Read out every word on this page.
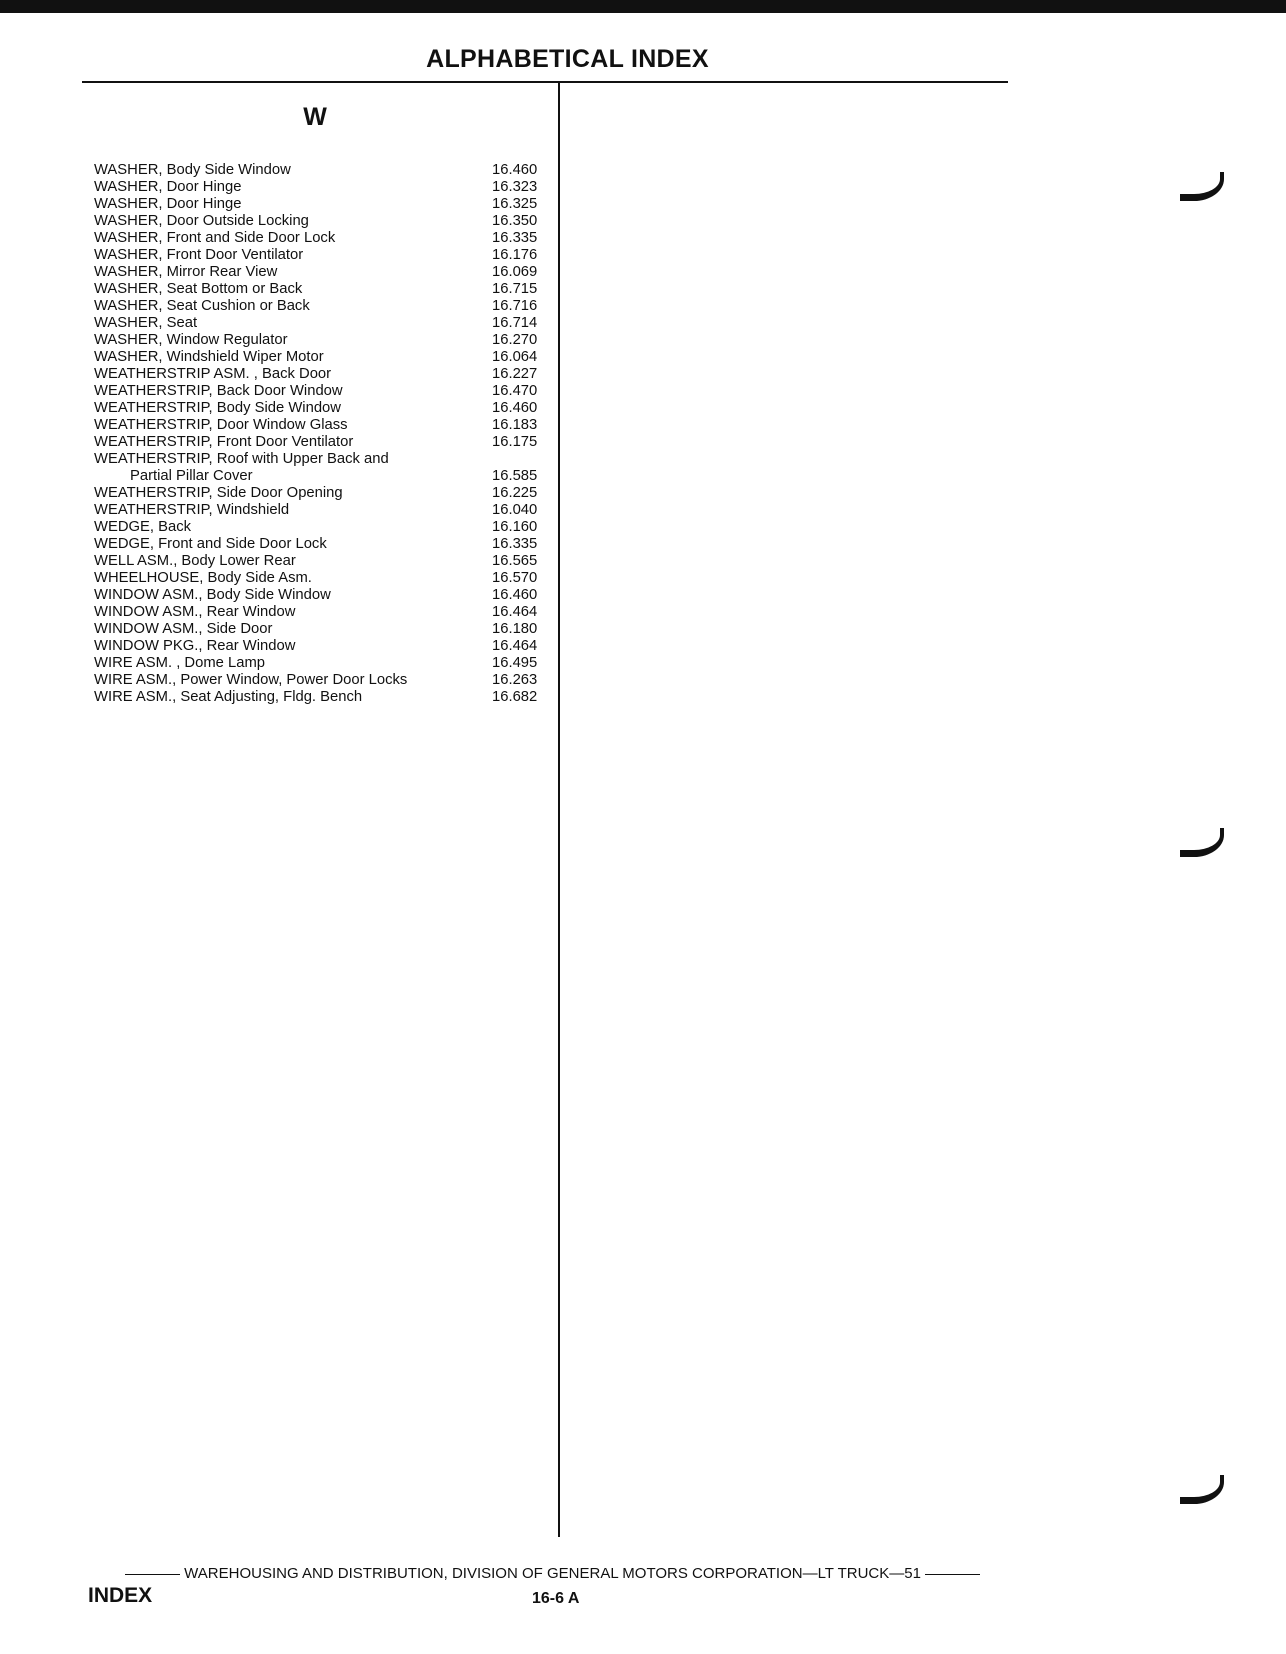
ALPHABETICAL INDEX
W
WASHER, Body Side Window .....	16.460
WASHER, Door Hinge .....	16.323
WASHER, Door Hinge .....	16.325
WASHER, Door Outside Locking .....	16.350
WASHER, Front and Side Door Lock .....	16.335
WASHER, Front Door Ventilator .....	16.176
WASHER, Mirror Rear View .....	16.069
WASHER, Seat Bottom or Back .....	16.715
WASHER, Seat Cushion or Back .....	16.716
WASHER, Seat .....	16.714
WASHER, Window Regulator .....	16.270
WASHER, Windshield Wiper Motor .....	16.064
WEATHERSTRIP ASM. , Back Door .....	16.227
WEATHERSTRIP, Back Door Window .....	16.470
WEATHERSTRIP, Body Side Window .....	16.460
WEATHERSTRIP, Door Window Glass .....	16.183
WEATHERSTRIP, Front Door Ventilator .....	16.175
WEATHERSTRIP, Roof with Upper Back and
Partial Pillar Cover .....	16.585
WEATHERSTRIP, Side Door Opening .....	16.225
WEATHERSTRIP, Windshield .....	16.040
WEDGE, Back .....	16.160
WEDGE, Front and Side Door Lock .....	16.335
WELL ASM., Body Lower Rear .....	16.565
WHEELHOUSE, Body Side Asm. .....	16.570
WINDOW ASM., Body Side Window .....	16.460
WINDOW ASM., Rear Window .....	16.464
WINDOW ASM., Side Door .....	16.180
WINDOW PKG., Rear Window .....	16.464
WIRE ASM. , Dome Lamp .....	16.495
WIRE ASM., Power Window, Power Door Locks .....	16.263
WIRE ASM., Seat Adjusting, Fldg. Bench .....	16.682
WAREHOUSING AND DISTRIBUTION, DIVISION OF GENERAL MOTORS CORPORATION—LT TRUCK—51
INDEX	16-6 A
